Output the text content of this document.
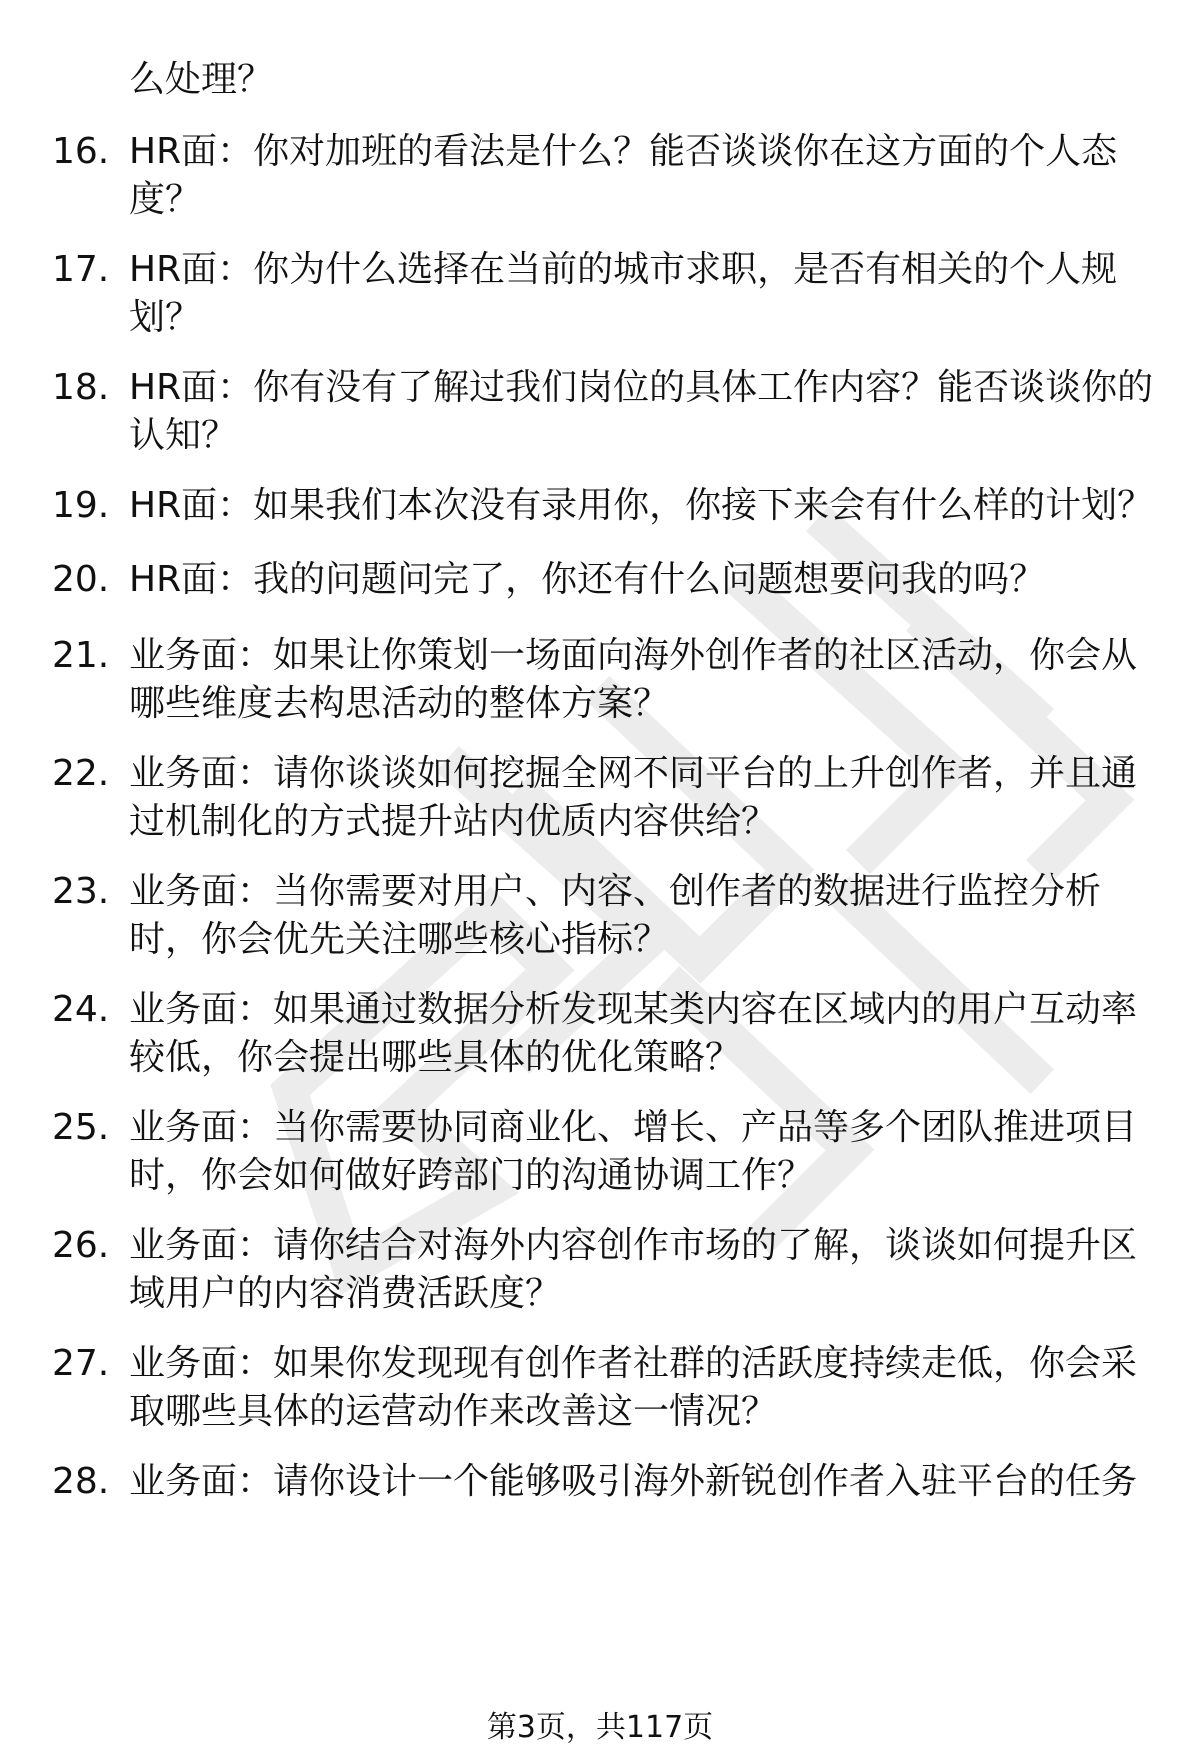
么处理？
16. HR面：你对加班的看法是什么？能否谈谈你在这方面的个人态
度？
17. HR面：你为什么选择在当前的城市求职，是否有相关的个人规
划？
18. HR面：你有没有了解过我们岗位的具体工作内容？能否谈谈你的
认知？
19. HR面：如果我们本次没有录用你，你接下来会有什么样的计划？
20. HR面：我的问题问完了，你还有什么问题想要问我的吗？
21. 业务面：如果让你策划一场面向海外创作者的社区活动，你会从
哪些维度去构思活动的整体方案？
22. 业务面：请你谈谈如何挖掘全网不同平台的上升创作者，并且通
过机制化的方式提升站内优质内容供给？
23. 业务面：当你需要对用户、内容、创作者的数据进行监控分析
时，你会优先关注哪些核心指标？
24. 业务面：如果通过数据分析发现某类内容在区域内的用户互动率
较低，你会提出哪些具体的优化策略？
25. 业务面：当你需要协同商业化、增长、产品等多个团队推进项目
时，你会如何做好跨部门的沟通协调工作？
26. 业务面：请你结合对海外内容创作市场的了解，谈谈如何提升区
域用户的内容消费活跃度？
27. 业务面：如果你发现现有创作者社群的活跃度持续走低，你会采
取哪些具体的运营动作来改善这一情况？
28. 业务面：请你设计一个能够吸引海外新锐创作者入驻平台的任务
第3页，共117页
